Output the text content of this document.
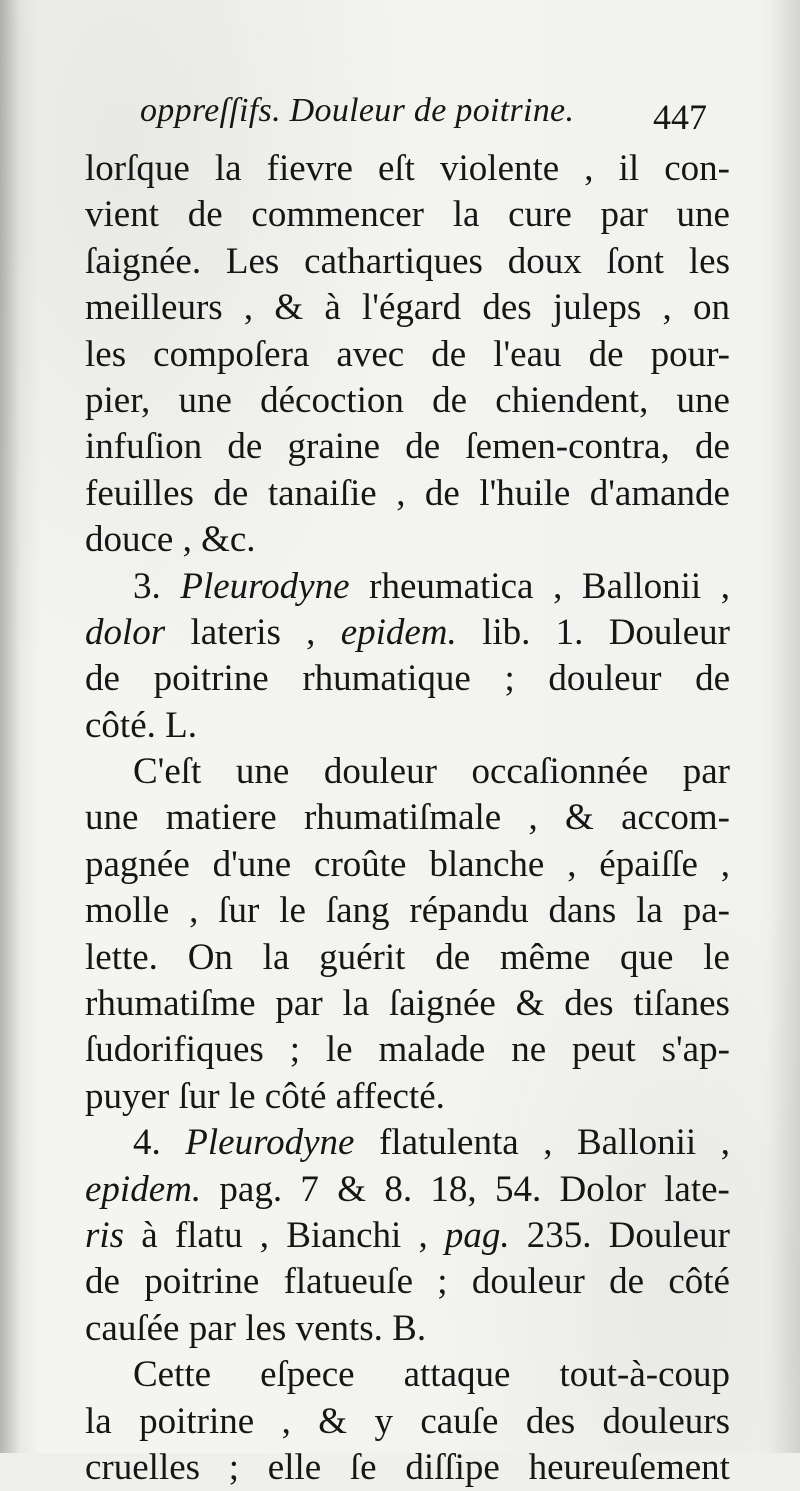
oppreſſifs. Douleur de poitrine.	447
lorſque la fievre eſt violente , il con-
vient de commencer la cure par une
ſaignée. Les cathartiques doux ſont les
meilleurs , & à l'égard des juleps , on
les compoſera avec de l'eau de pour-
pier, une décoction de chiendent, une
infuſion de graine de ſemen-contra, de
feuilles de tanaiſie , de l'huile d'amande
douce , &c.
3. Pleurodyne rheumatica , Ballonii ,
dolor lateris , epidem. lib. 1. Douleur
de poitrine rhumatique ; douleur de
côté. L.
C'eſt une douleur occaſionnée par
une matiere rhumatiſmale , & accom-
pagnée d'une croûte blanche , épaiſſe ,
molle , ſur le ſang répandu dans la pa-
lette. On la guérit de même que le
rhumatiſme par la ſaignée & des tiſanes
ſudorifiques ; le malade ne peut s'ap-
puyer ſur le côté affecté.
4. Pleurodyne flatulenta , Ballonii ,
epidem. pag. 7 & 8. 18, 54. Dolor late-
ris à flatu , Bianchi , pag. 235. Douleur
de poitrine flatueuſe ; douleur de côté
cauſée par les vents. B.
Cette eſpece attaque tout-à-coup
la poitrine , & y cauſe des douleurs
cruelles ; elle ſe diſſipe heureuſement
